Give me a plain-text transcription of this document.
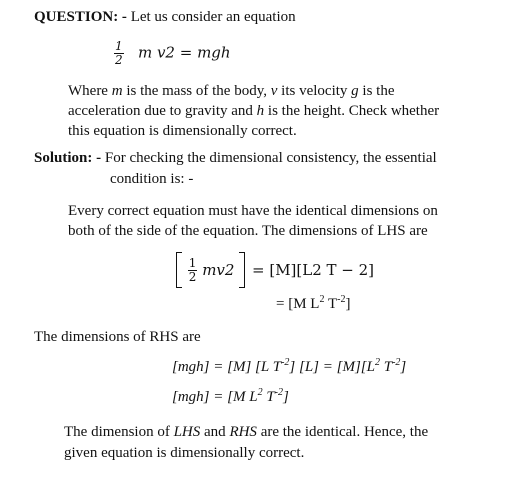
QUESTION: - Let us consider an equation
$\frac{1}{2}$ m v2 = mgh
Where m is the mass of the body, v its velocity g is the
acceleration due to gravity and h is the height. Check whether
this equation is dimensionally correct.
Solution: - For checking the dimensional consistency, the essential
condition is: -
Every correct equation must have the identical dimensions on
both of the side of the equation. The dimensions of LHS are

$\frac{1}{2} mv2$	= [M][L2 T − 2]
= [M $L^2$ $T^{-2}$]
The dimensions of RHS are
[mgh] = [M] [L $T^{-2}$] $[L] = [M][L^2$ $T^{-2}$]
[mgh] = [M $L^2$ $T^{-2}$]
The dimension of LHS and RHS are the identical. Hence, the
given equation is dimensionally correct.
